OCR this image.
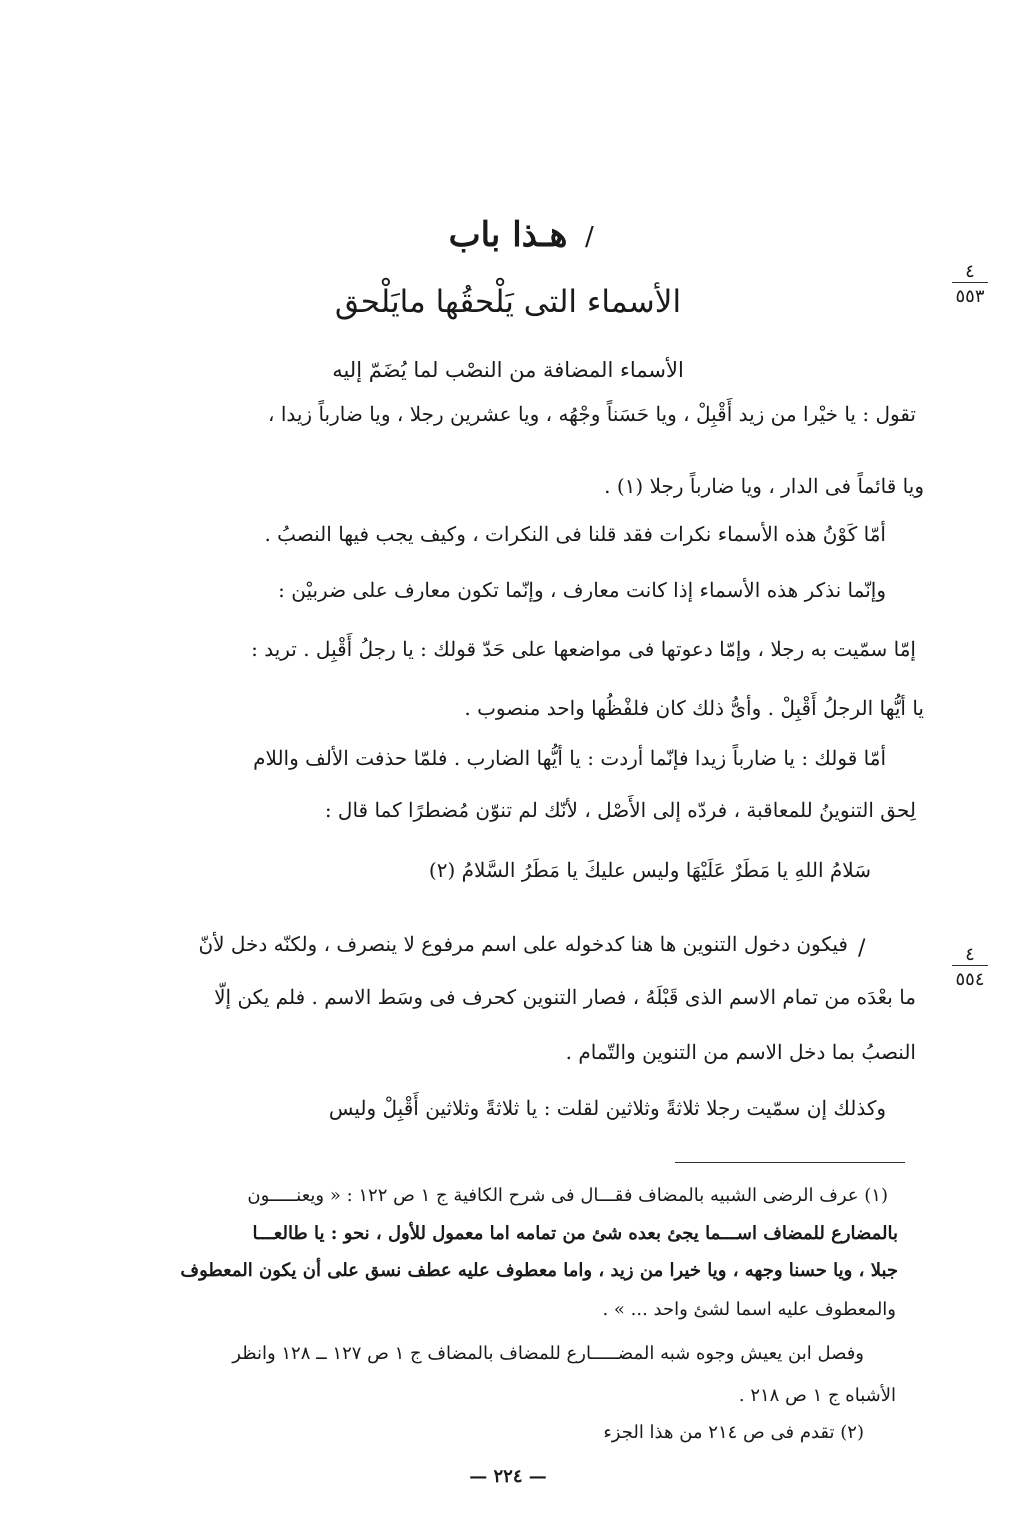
/
هـذا باب
الأسماء التى يَلْحقُها مايَلْحق
الأسماء المضافة من النصْب لما يُضَمّ إليه
٤
٥٥٣
٤
٥٥٤
تقول : يا خيْرا من زيد أَقْبِلْ ، ويا حَسَناً وجْهُه ، ويا عشرين رجلا ، ويا ضارباً زيدا ،
ويا قائماً فى الدار ، ويا ضارباً رجلا (١) .
أمّا كَوْنُ هذه الأسماء نكرات فقد قلنا فى النكرات ، وكيف يجب فيها النصبُ .
وإنّما نذكر هذه الأسماء إذا كانت معارف ، وإنّما تكون معارف على ضربيْن :
إمّا سمّيت به رجلا ، وإمّا دعوتها فى مواضعها على حَدّ قولك : يا رجلُ أَقْبِل . تريد :
يا أيُّها الرجلُ أَقْبِلْ . وأىُّ ذلك كان فلفْظُها واحد منصوب .
أمّا قولك : يا ضارباً زيدا فإنّما أردت : يا أيُّها الضارب . فلمّا حذفت الألف واللام
لِحق التنوينُ للمعاقبة ، فردّه إلى الأَصْل ، لأنّك لم تنوّن مُضطرًا كما قال :
سَلامُ اللهِ يا مَطَرٌ عَلَيْهَا وليس عليكَ يا مَطَرُ السَّلامُ (٢)
/
فيكون دخول التنوين ها هنا كدخوله على اسم مرفوع لا ينصرف ، ولكنّه دخل لأنّ
ما بعْدَه من تمام الاسم الذى قَبْلَهُ ، فصار التنوين كحرف فى وسَط الاسم . فلم يكن إلّا
النصبُ بما دخل الاسم من التنوين والتّمام .
وكذلك إن سمّيت رجلا ثلاثةً وثلاثين لقلت : يا ثلاثةً وثلاثين أَقْبِلْ وليس
(١) عرف الرضى الشبيه بالمضاف فقـــال فى شرح الكافية ج ١ ص ١٢٢ : « ويعنـــــون
بالمضارع للمضاف اســـما يجئ بعده شئ من تمامه اما معمول للأول ، نحو : يا طالعـــا
جبلا ، ويا حسنا وجهه ، ويا خيرا من زيد ، واما معطوف عليه عطف نسق على أن يكون المعطوف
والمعطوف عليه اسما لشئ واحد ... » .
وفصل ابن يعيش وجوه شبه المضـــــارع للمضاف بالمضاف ج ١ ص ١٢٧ ــ ١٢٨ وانظر
الأشباه ج ١ ص ٢١٨ .
(٢) تقدم فى ص ٢١٤ من هذا الجزء
— ٢٢٤ —
